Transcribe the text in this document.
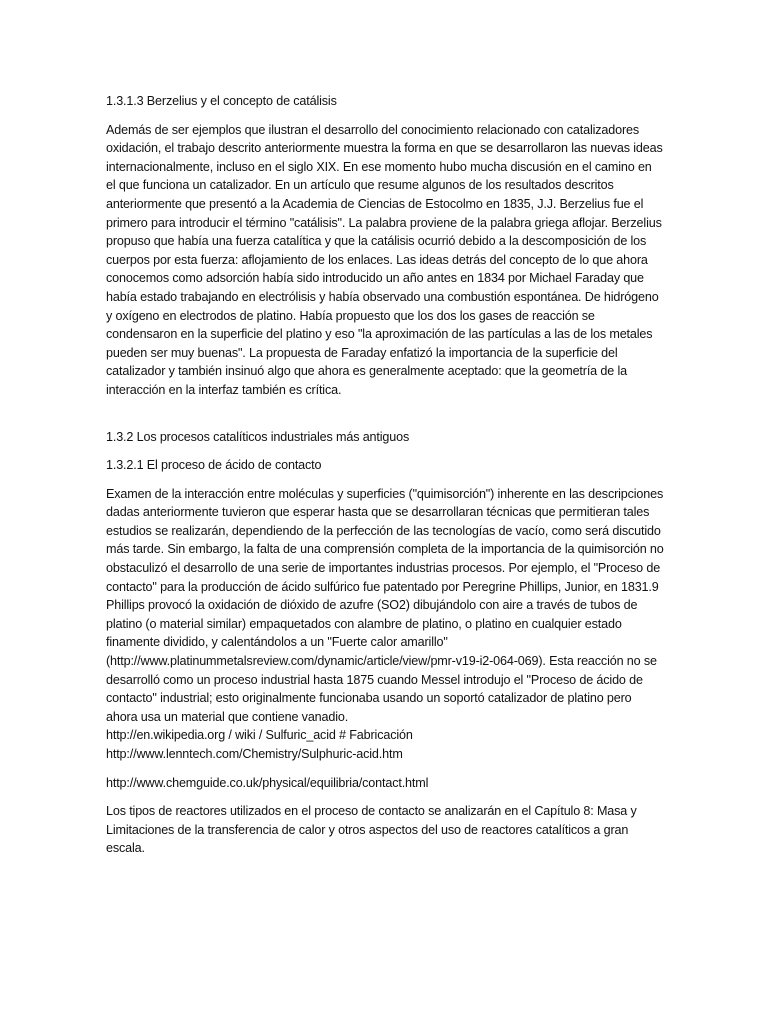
1.3.1.3 Berzelius y el concepto de catálisis

Además de ser ejemplos que ilustran el desarrollo del conocimiento relacionado con catalizadores oxidación, el trabajo descrito anteriormente muestra la forma en que se desarrollaron las nuevas ideas internacionalmente, incluso en el siglo XIX. En ese momento hubo mucha discusión en el camino en el que funciona un catalizador. En un artículo que resume algunos de los resultados descritos anteriormente que presentó a la Academia de Ciencias de Estocolmo en 1835, J.J. Berzelius fue el primero para introducir el término "catálisis". La palabra proviene de la palabra griega aflojar. Berzelius propuso que había una fuerza catalítica y que la catálisis ocurrió debido a la descomposición de los cuerpos por esta fuerza: aflojamiento de los enlaces. Las ideas detrás del concepto de lo que ahora conocemos como adsorción había sido introducido un año antes en 1834 por Michael Faraday que había estado trabajando en electrólisis y había observado una combustión espontánea. De hidrógeno y oxígeno en electrodos de platino. Había propuesto que los dos los gases de reacción se condensaron en la superficie del platino y eso "la aproximación de las partículas a las de los metales pueden ser muy buenas". La propuesta de Faraday enfatizó la importancia de la superficie del catalizador y también insinuó algo que ahora es generalmente aceptado: que la geometría de la interacción en la interfaz también es crítica.

1.3.2 Los procesos catalíticos industriales más antiguos

1.3.2.1 El proceso de ácido de contacto

Examen de la interacción entre moléculas y superficies ("quimisorción") inherente en las descripciones dadas anteriormente tuvieron que esperar hasta que se desarrollaran técnicas que permitieran tales estudios se realizarán, dependiendo de la perfección de las tecnologías de vacío, como será discutido más tarde. Sin embargo, la falta de una comprensión completa de la importancia de la quimisorción no obstaculizó el desarrollo de una serie de importantes industrias procesos. Por ejemplo, el "Proceso de contacto" para la producción de ácido sulfúrico fue patentado por Peregrine Phillips, Junior, en 1831.9 Phillips provocó la oxidación de dióxido de azufre (SO2) dibujándolo con aire a través de tubos de platino (o material similar) empaquetados con alambre de platino, o platino en cualquier estado finamente dividido, y calentándolos a un "Fuerte calor amarillo" (http://www.platinummetalsreview.com/dynamic/article/view/pmr-v19-i2-064-069). Esta reacción no se desarrolló como un proceso industrial hasta 1875 cuando Messel introdujo el "Proceso de ácido de contacto" industrial; esto originalmente funcionaba usando un soportó catalizador de platino pero ahora usa un material que contiene vanadio.
http://en.wikipedia.org / wiki / Sulfuric_acid # Fabricación
http://www.lenntech.com/Chemistry/Sulphuric-acid.htm

http://www.chemguide.co.uk/physical/equilibria/contact.html

Los tipos de reactores utilizados en el proceso de contacto se analizarán en el Capítulo 8: Masa y Limitaciones de la transferencia de calor y otros aspectos del uso de reactores catalíticos a gran escala.
